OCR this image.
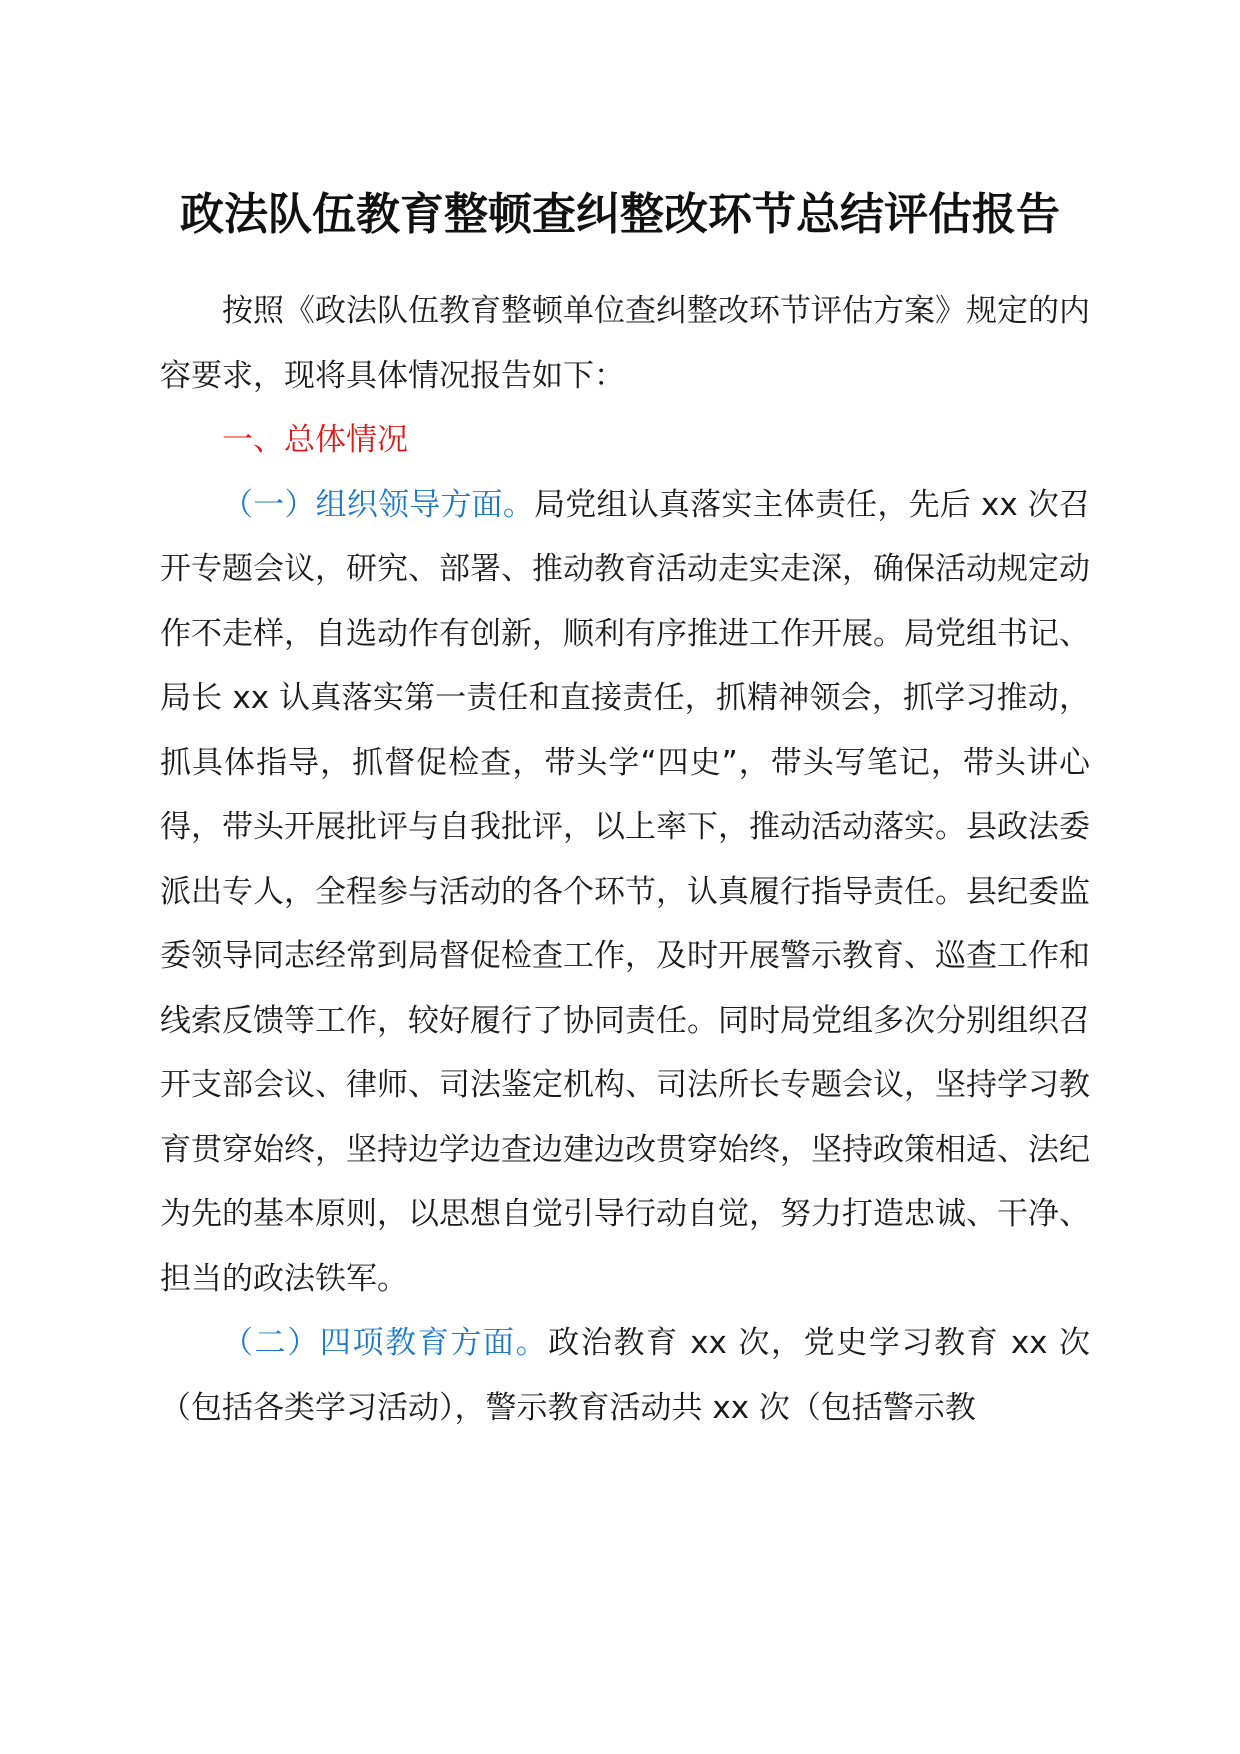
政法队伍教育整顿查纠整改环节总结评估报告

按照《政法队伍教育整顿单位查纠整改环节评估方案》规定的内容要求，现将具体情况报告如下：

一、总体情况

（一）组织领导方面。局党组认真落实主体责任，先后 xx 次召开专题会议，研究、部署、推动教育活动走实走深，确保活动规定动作不走样，自选动作有创新，顺利有序推进工作开展。局党组书记、局长 xx 认真落实第一责任和直接责任，抓精神领会，抓学习推动，抓具体指导，抓督促检查，带头学“四史”，带头写笔记，带头讲心得，带头开展批评与自我批评，以上率下，推动活动落实。县政法委派出专人，全程参与活动的各个环节，认真履行指导责任。县纪委监委领导同志经常到局督促检查工作，及时开展警示教育、巡查工作和线索反馈等工作，较好履行了协同责任。同时局党组多次分别组织召开支部会议、律师、司法鉴定机构、司法所长专题会议，坚持学习教育贯穿始终，坚持边学边查边建边改贯穿始终，坚持政策相适、法纪为先的基本原则，以思想自觉引导行动自觉，努力打造忠诚、干净、担当的政法铁军。

（二）四项教育方面。政治教育 xx 次，党史学习教育 xx 次（包括各类学习活动），警示教育活动共 xx 次（包括警示教
